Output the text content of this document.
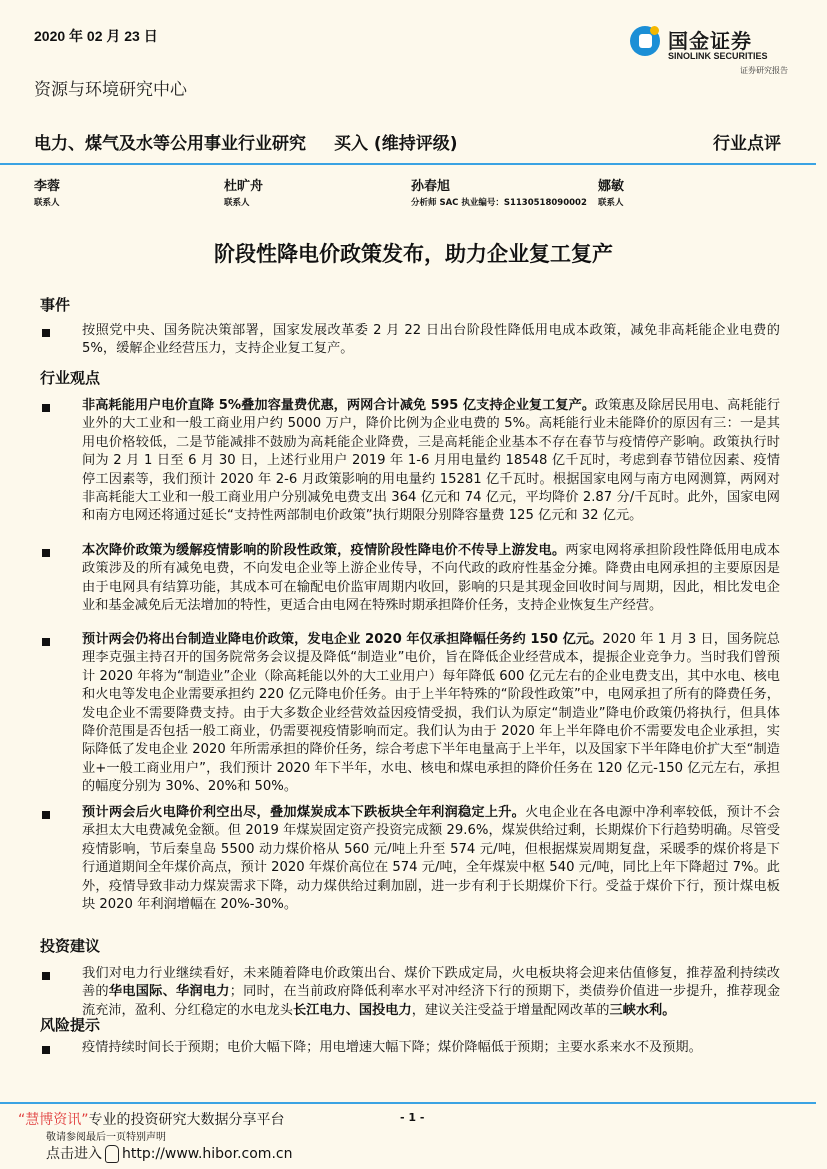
2020 年 02 月 23 日	国金证券
SINOLINK SECURITIES
证券研究报告
资源与环境研究中心
电力、煤气及水等公用事业行业研究 买入 (维持评级)	行业点评
李蓉
联系人
杜旷舟
联系人
孙春旭
分析师 SAC 执业编号：S1130518090002
娜敏
联系人
阶段性降电价政策发布，助力企业复工复产
事件
按照党中央、国务院决策部署，国家发展改革委 2 月 22 日出台阶段性降低用电成本政策，减免非高耗能企业电费的 5%，缓解企业经营压力，支持企业复工复产。
行业观点
非高耗能用户电价直降 5%叠加容量费优惠，两网合计减免 595 亿支持企业复工复产。政策惠及除居民用电、高耗能行业外的大工业和一般工商业用户约 5000 万户，降价比例为企业电费的 5%。高耗能行业未能降价的原因有三：一是其用电价格较低，二是节能减排不鼓励为高耗能企业降费，三是高耗能企业基本不存在春节与疫情停产影响。政策执行时间为 2 月 1 日至 6 月 30 日，上述行业用户 2019 年 1-6 月用电量约 18548 亿千瓦时，考虑到春节错位因素、疫情停工因素等，我们预计 2020 年 2-6 月政策影响的用电量约 15281 亿千瓦时。根据国家电网与南方电网测算，两网对非高耗能大工业和一般工商业用户分别减免电费支出 364 亿元和 74 亿元，平均降价 2.87 分/千瓦时。此外，国家电网和南方电网还将通过延长“支持性两部制电价政策”执行期限分别降容量费 125 亿元和 32 亿元。
本次降价政策为缓解疫情影响的阶段性政策，疫情阶段性降电价不传导上游发电。两家电网将承担阶段性降低用电成本政策涉及的所有减免电费，不向发电企业等上游企业传导，不向代政的政府性基金分摊。降费由电网承担的主要原因是由于电网具有结算功能，其成本可在输配电价监审周期内收回，影响的只是其现金回收时间与周期，因此，相比发电企业和基金减免后无法增加的特性，更适合由电网在特殊时期承担降价任务，支持企业恢复生产经营。
预计两会仍将出台制造业降电价政策，发电企业 2020 年仅承担降幅任务约 150 亿元。2020 年 1 月 3 日，国务院总理李克强主持召开的国务院常务会议提及降低“制造业”电价，旨在降低企业经营成本，提振企业竞争力。当时我们曾预计 2020 年将为“制造业”企业（除高耗能以外的大工业用户）每年降低 600 亿元左右的企业电费支出，其中水电、核电和火电等发电企业需要承担约 220 亿元降电价任务。由于上半年特殊的“阶段性政策”中，电网承担了所有的降费任务，发电企业不需要降费支持。由于大多数企业经营效益因疫情受损，我们认为原定“制造业”降电价政策仍将执行，但具体降价范围是否包括一般工商业，仍需要视疫情影响而定。我们认为由于 2020 年上半年降电价不需要发电企业承担，实际降低了发电企业 2020 年所需承担的降价任务，综合考虑下半年电量高于上半年，以及国家下半年降电价扩大至“制造业+一般工商业用户”，我们预计 2020 年下半年，水电、核电和煤电承担的降价任务在 120 亿元-150 亿元左右，承担的幅度分别为 30%、20%和 50%。
预计两会后火电降价利空出尽，叠加煤炭成本下跌板块全年利润稳定上升。火电企业在各电源中净利率较低，预计不会承担太大电费减免金额。但 2019 年煤炭固定资产投资完成额 29.6%，煤炭供给过剩，长期煤价下行趋势明确。尽管受疫情影响，节后秦皇岛 5500 动力煤价格从 560 元/吨上升至 574 元/吨，但根据煤炭周期复盘，采暖季的煤价将是下行通道期间全年煤价高点，预计 2020 年煤价高位在 574 元/吨，全年煤炭中枢 540 元/吨，同比上年下降超过 7%。此外，疫情导致非动力煤炭需求下降，动力煤供给过剩加剧，进一步有利于长期煤价下行。受益于煤价下行，预计煤电板块 2020 年利润增幅在 20%-30%。
投资建议
我们对电力行业继续看好，未来随着降电价政策出台、煤价下跌成定局，火电板块将会迎来估值修复，推荐盈利持续改善的华电国际、华润电力；同时，在当前政府降低利率水平对冲经济下行的预期下，类债券价值进一步提升，推荐现金流充沛，盈利、分红稳定的水电龙头长江电力、国投电力，建议关注受益于增量配网改革的三峡水利。
风险提示
疫情持续时间长于预期；电价大幅下降；用电增速大幅下降；煤价降幅低于预期；主要水系来水不及预期。
“慧博资讯”专业的投资研究大数据分享平台	- 1 -
敬请参阅最后一页特别声明
点击进入 http://www.hibor.com.cn
